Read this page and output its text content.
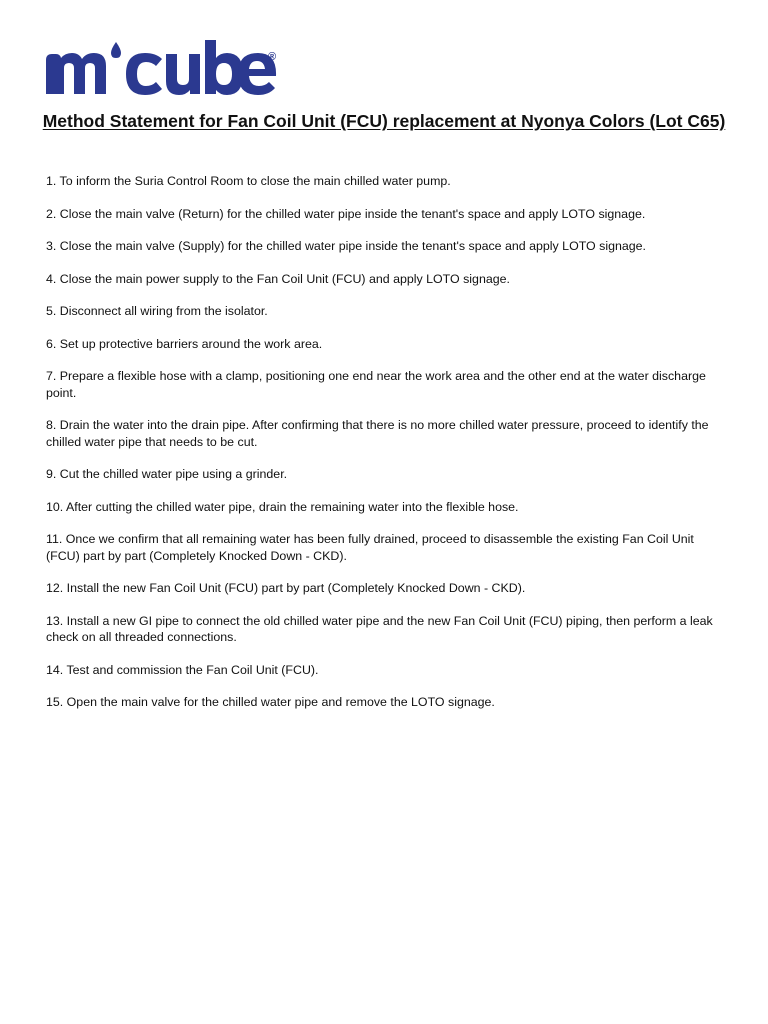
®
Method Statement for Fan Coil Unit (FCU) replacement at Nyonya Colors (Lot C65)
1. To inform the Suria Control Room to close the main chilled water pump.
2. Close the main valve (Return) for the chilled water pipe inside the tenant's space and apply LOTO signage.
3. Close the main valve (Supply) for the chilled water pipe inside the tenant's space and apply LOTO signage.
4. Close the main power supply to the Fan Coil Unit (FCU) and apply LOTO signage.
5. Disconnect all wiring from the isolator.
6. Set up protective barriers around the work area.
7. Prepare a flexible hose with a clamp, positioning one end near the work area and the other end at the water discharge point.
8. Drain the water into the drain pipe. After confirming that there is no more chilled water pressure, proceed to identify the chilled water pipe that needs to be cut.
9. Cut the chilled water pipe using a grinder.
10. After cutting the chilled water pipe, drain the remaining water into the flexible hose.
11. Once we confirm that all remaining water has been fully drained, proceed to disassemble the existing Fan Coil Unit (FCU) part by part (Completely Knocked Down - CKD).
12. Install the new Fan Coil Unit (FCU) part by part (Completely Knocked Down - CKD).
13. Install a new GI pipe to connect the old chilled water pipe and the new Fan Coil Unit (FCU) piping, then perform a leak check on all threaded connections.
14. Test and commission the Fan Coil Unit (FCU).
15. Open the main valve for the chilled water pipe and remove the LOTO signage.
